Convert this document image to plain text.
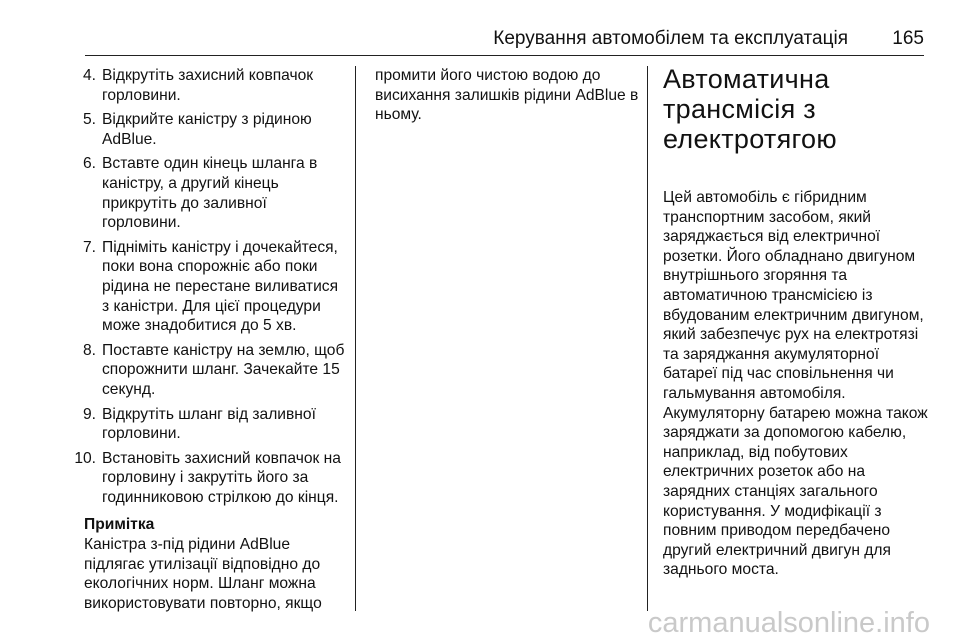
Керування автомобілем та експлуатація 165
4. Відкрутіть захисний ковпачок горловини.
5. Відкрийте каністру з рідиною AdBlue.
6. Вставте один кінець шланга в каністру, а другий кінець прикрутіть до заливної горловини.
7. Підніміть каністру і дочекайтеся, поки вона спорожніє або поки рідина не перестане виливатися з каністри. Для цієї процедури може знадобитися до 5 хв.
8. Поставте каністру на землю, щоб спорожнити шланг. Зачекайте 15 секунд.
9. Відкрутіть шланг від заливної горловини.
10. Встановіть захисний ковпачок на горловину і закрутіть його за годинниковою стрілкою до кінця.
Примітка
Каністра з-під рідини AdBlue підлягає утилізації відповідно до екологічних норм. Шланг можна використовувати повторно, якщо

промити його чистою водою до висихання залишків рідини AdBlue в ньому.

Автоматична трансмісія з електротягою

Цей автомобіль є гібридним транспортним засобом, який заряджається від електричної розетки. Його обладнано двигуном внутрішнього згоряння та автоматичною трансмісією із вбудованим електричним двигуном, який забезпечує рух на електротязі та заряджання акумуляторної батареї під час сповільнення чи гальмування автомобіля. Акумуляторну батарею можна також заряджати за допомогою кабелю, наприклад, від побутових електричних розеток або на зарядних станціях загального користування. У модифікації з повним приводом передбачено другий електричний двигун для заднього моста.

carmanualsonline.info
